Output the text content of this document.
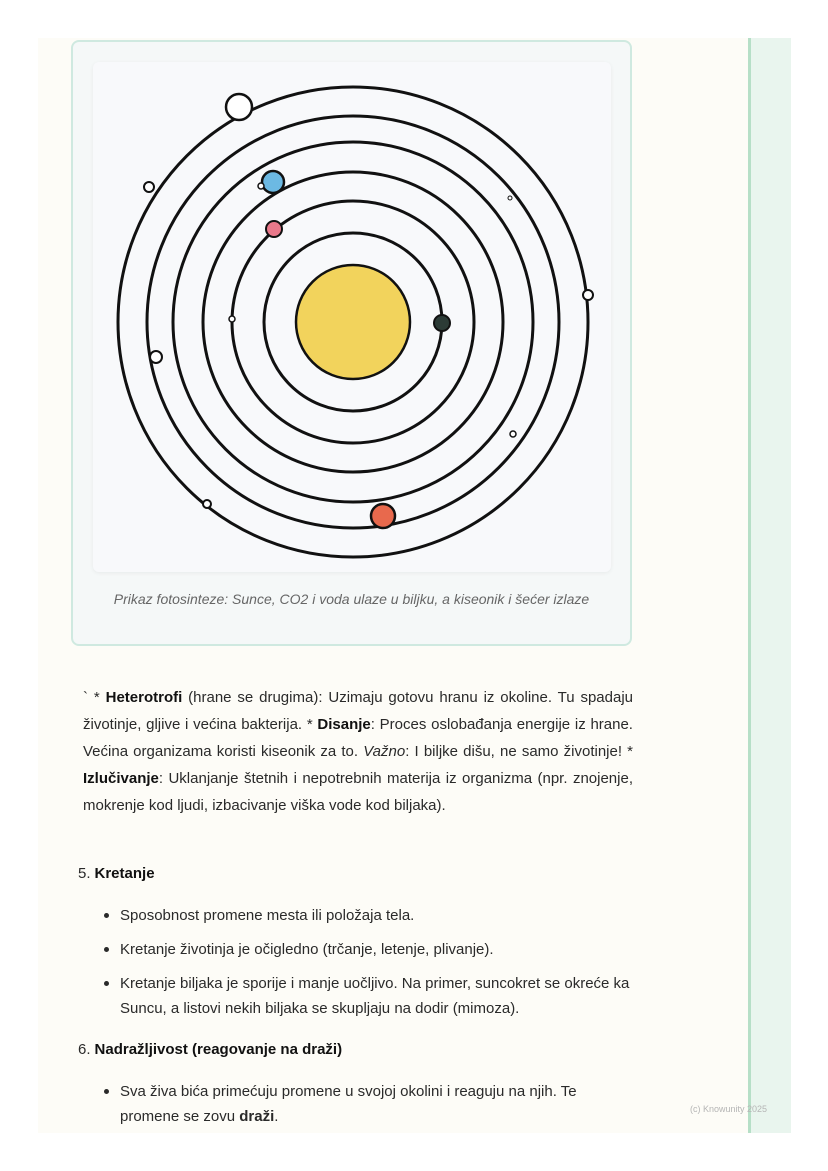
Prikaz fotosinteze: Sunce, CO2 i voda ulaze u biljku, a kiseonik i šećer izlaze
` * Heterotrofi (hrane se drugima): Uzimaju gotovu hranu iz okoline. Tu spadaju životinje, gljive i većina bakterija. * Disanje: Proces oslobađanja energije iz hrane. Većina organizama koristi kiseonik za to. Važno: I biljke dišu, ne samo životinje! * Izlučivanje: Uklanjanje štetnih i nepotrebnih materija iz organizma (npr. znojenje, mokrenje kod ljudi, izbacivanje viška vode kod biljaka).
5. Kretanje
Sposobnost promene mesta ili položaja tela.
Kretanje životinja je očigledno (trčanje, letenje, plivanje).
Kretanje biljaka je sporije i manje uočljivo. Na primer, suncokret se okreće ka Suncu, a listovi nekih biljaka se skupljaju na dodir (mimoza).
6. Nadražljivost (reagovanje na draži)
Sva živa bića primećuju promene u svojoj okolini i reaguju na njih. Te promene se zovu draži.	(c) Knowunity 2025
